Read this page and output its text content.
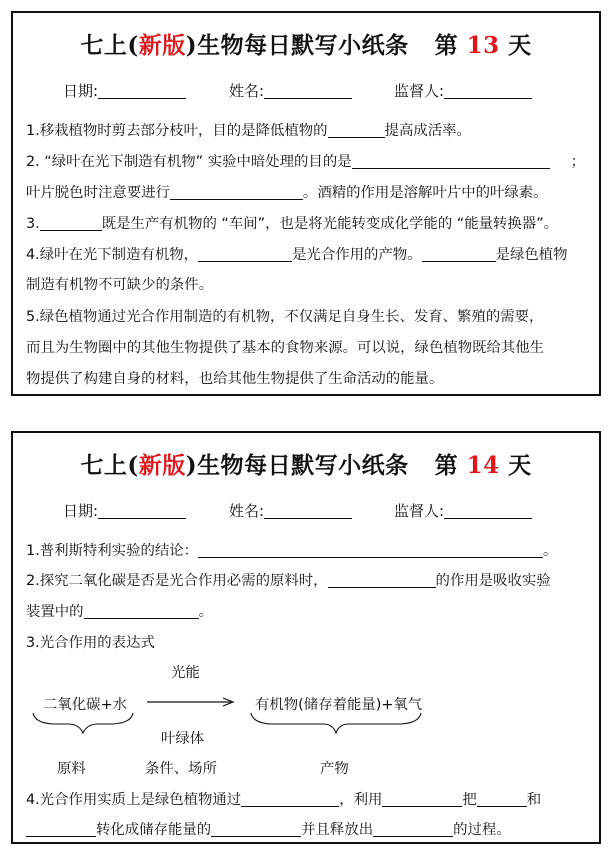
七上(新版)生物每日默写小纸条 第 13 天
日期:	姓名:	监督人:
1.移栽植物时剪去部分枝叶，目的是降低植物的	提高成活率。
2. “绿叶在光下制造有机物” 实验中暗处理的目的是	；
叶片脱色时注意要进行	。酒精的作用是溶解叶片中的叶绿素。
3.	既是生产有机物的 “车间”，也是将光能转变成化学能的 “能量转换器”。
4.绿叶在光下制造有机物，	是光合作用的产物。	是绿色植物
制造有机物不可缺少的条件。
5.绿色植物通过光合作用制造的有机物，不仅满足自身生长、发育、繁殖的需要，
而且为生物圈中的其他生物提供了基本的食物来源。可以说，绿色植物既给其他生
物提供了构建自身的材料，也给其他生物提供了生命活动的能量。
七上(新版)生物每日默写小纸条 第 14 天
日期:	姓名:	监督人:
1.普利斯特利实验的结论：	。
2.探究二氧化碳是否是光合作用必需的原料时，	的作用是吸收实验
装置中的	。
3.光合作用的表达式
光能
二氧化碳+水	有机物(储存着能量)+氧气
叶绿体
原料	条件、场所	产物
4.光合作用实质上是绿色植物通过	，利用	把	和
转化成储存能量的	并且释放出	的过程。
